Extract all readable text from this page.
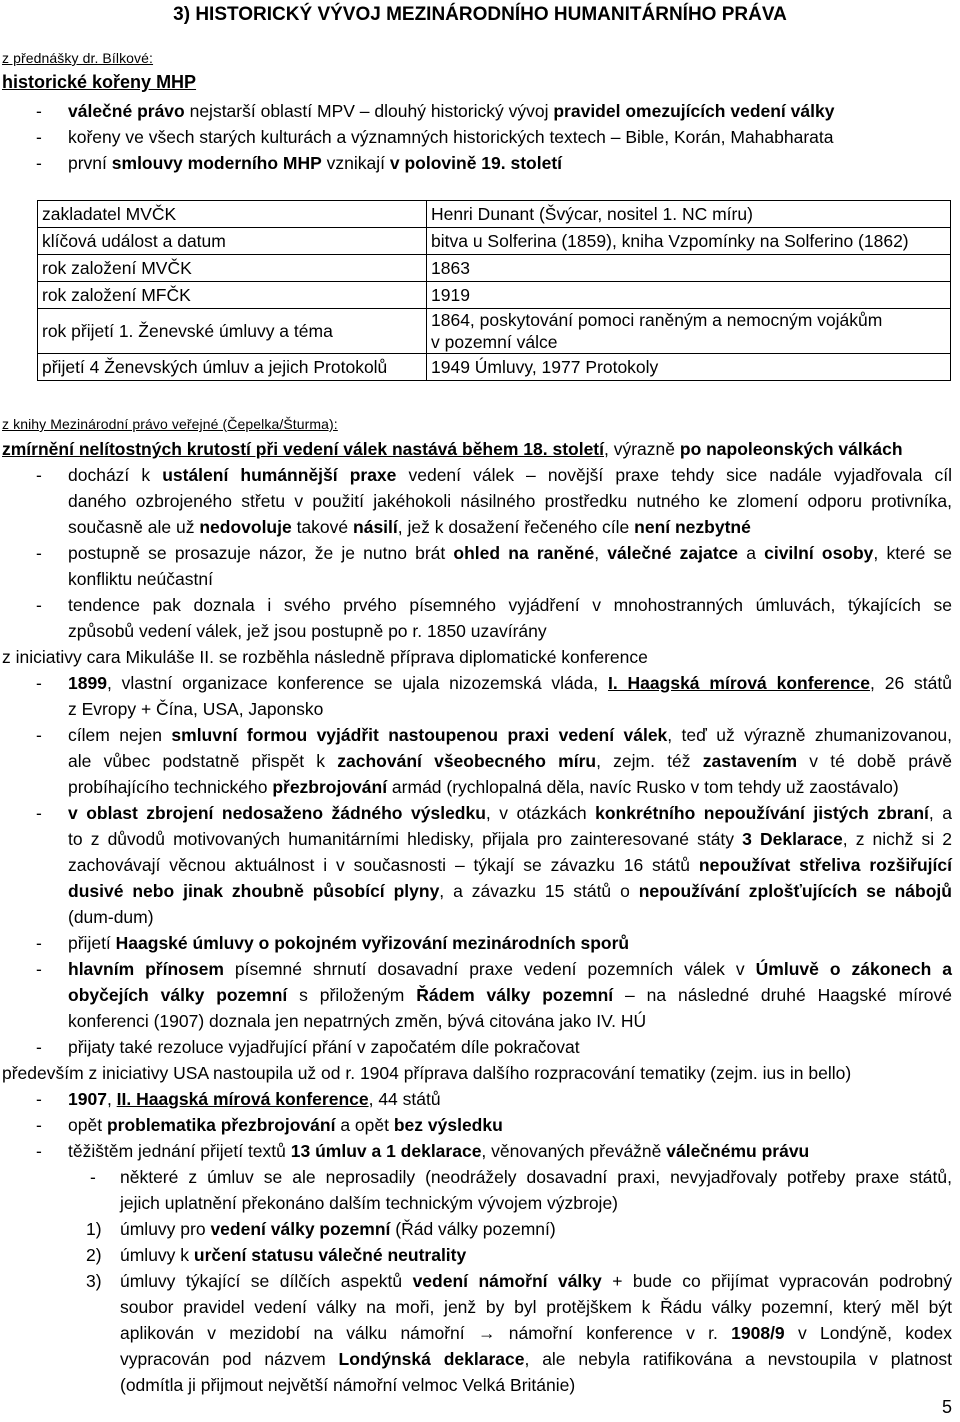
3) HISTORICKÝ VÝVOJ MEZINÁRODNÍHO HUMANITÁRNÍHO PRÁVA
z přednášky dr. Bílkové:
historické kořeny MHP
- válečné právo nejstarší oblastí MPV – dlouhý historický vývoj pravidel omezujících vedení války
- kořeny ve všech starých kulturách a významných historických textech – Bible, Korán, Mahabharata
- první smlouvy moderního MHP vznikají v polovině 19. století
zakladatel MVČK	Henri Dunant (Švýcar, nositel 1. NC míru)
klíčová událost a datum	bitva u Solferina (1859), kniha Vzpomínky na Solferino (1862)
rok založení MVČK	1863
rok založení MFČK	1919
rok přijetí 1. Ženevské úmluvy a téma	1864, poskytování pomoci raněným a nemocným vojákům
v pozemní válce

přijetí 4 Ženevských úmluv a jejich Protokolů	1949 Úmluvy, 1977 Protokoly
z knihy Mezinárodní právo veřejné (Čepelka/Šturma):
zmírnění nelítostných krutostí při vedení válek nastává během 18. století, výrazně po napoleonských válkách
- dochází k ustálení humánnější praxe vedení válek – novější praxe tehdy sice nadále vyjadřovala cíl
daného ozbrojeného střetu v použití jakéhokoli násilného prostředku nutného ke zlomení odporu protivníka,
současně ale už nedovoluje takové násilí, jež k dosažení řečeného cíle není nezbytné
- postupně se prosazuje názor, že je nutno brát ohled na raněné, válečné zajatce a civilní osoby, které se
konfliktu neúčastní
- tendence pak doznala i svého prvého písemného vyjádření v mnohostranných úmluvách, týkajících se
způsobů vedení válek, jež jsou postupně po r. 1850 uzavírány
z iniciativy cara Mikuláše II. se rozběhla následně příprava diplomatické konference
- 1899, vlastní organizace konference se ujala nizozemská vláda, I. Haagská mírová konference, 26 států
z Evropy + Čína, USA, Japonsko
- cílem nejen smluvní formou vyjádřit nastoupenou praxi vedení válek, teď už výrazně zhumanizovanou,
ale vůbec podstatně přispět k zachování všeobecného míru, zejm. též zastavením v té době právě
probíhajícího technického přezbrojování armád (rychlopalná děla, navíc Rusko v tom tehdy už zaostávalo)
- v oblast zbrojení nedosaženo žádného výsledku, v otázkách konkrétního nepoužívání jistých zbraní, a
to z důvodů motivovaných humanitárními hledisky, přijala pro zainteresované státy 3 Deklarace, z nichž si 2
zachovávají věcnou aktuálnost i v současnosti – týkají se závazku 16 států nepoužívat střeliva rozšiřující
dusivé nebo jinak zhoubně působící plyny, a závazku 15 států o nepoužívání zplošťujících se nábojů
(dum-dum)
- přijetí Haagské úmluvy o pokojném vyřizování mezinárodních sporů
- hlavním přínosem písemné shrnutí dosavadní praxe vedení pozemních válek v Úmluvě o zákonech a
obyčejích války pozemní s přiloženým Řádem války pozemní – na následné druhé Haagské mírové
konferenci (1907) doznala jen nepatrných změn, bývá citována jako IV. HÚ
- přijaty také rezoluce vyjadřující přání v započatém díle pokračovat
především z iniciativy USA nastoupila už od r. 1904 příprava dalšího rozpracování tematiky (zejm. ius in bello)
- 1907, II. Haagská mírová konference, 44 států
- opět problematika přezbrojování a opět bez výsledku
- těžištěm jednání přijetí textů 13 úmluv a 1 deklarace, věnovaných převážně válečnému právu
- některé z úmluv se ale neprosadily (neodrážely dosavadní praxi, nevyjadřovaly potřeby praxe států,
jejich uplatnění překonáno dalším technickým vývojem výzbroje)
1) úmluvy pro vedení války pozemní (Řád války pozemní)
2) úmluvy k určení statusu válečné neutrality
3) úmluvy týkající se dílčích aspektů vedení námořní války + bude co přijímat vypracován podrobný
soubor pravidel vedení války na moři, jenž by byl protějškem k Řádu války pozemní, který měl být
aplikován v mezidobí na válku námořní → námořní konference v r. 1908/9 v Londýně, kodex
vypracován pod názvem Londýnská deklarace, ale nebyla ratifikována a nevstoupila v platnost
(odmítla ji přijmout největší námořní velmoc Velká Británie)
5
